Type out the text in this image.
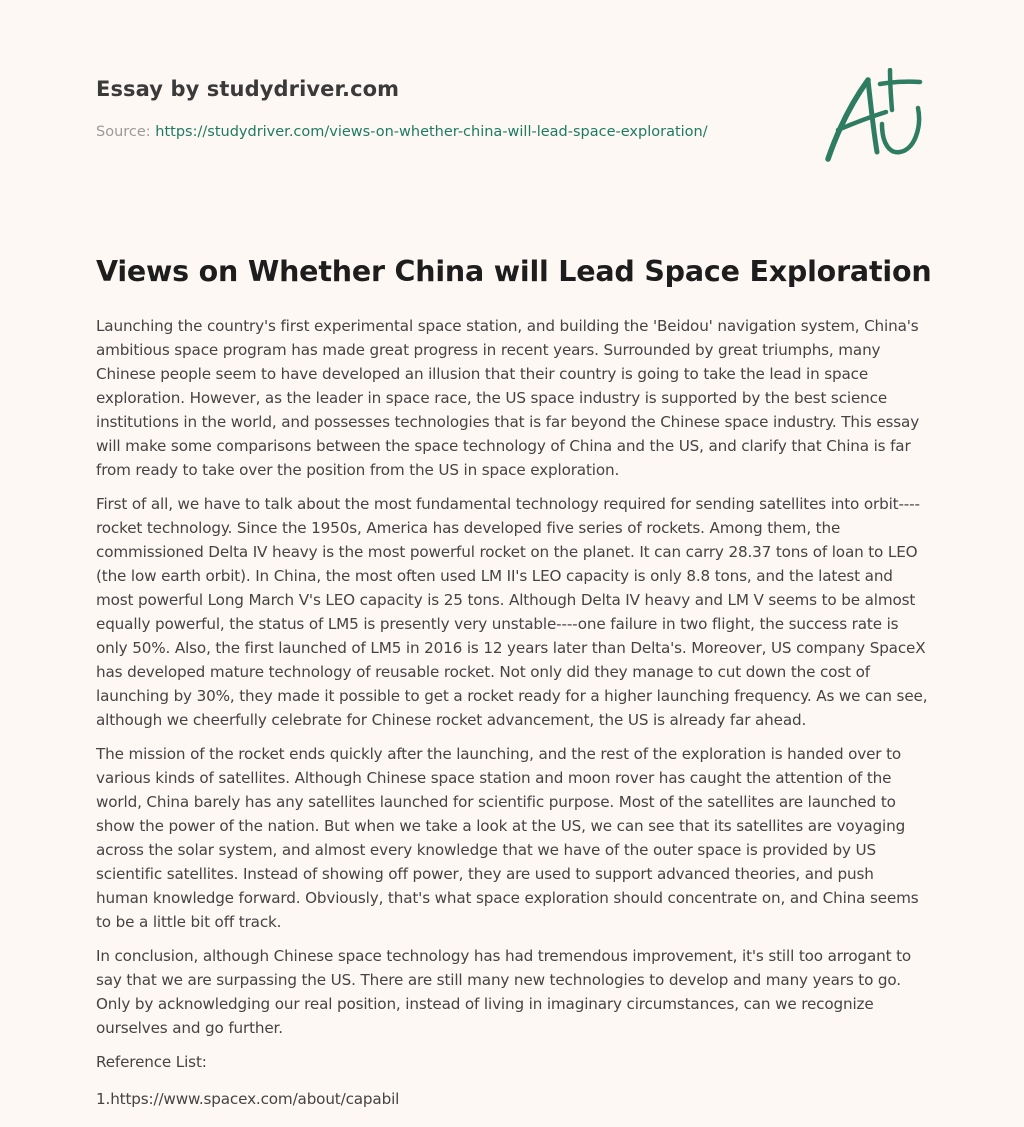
Essay by studydriver.com
Source: https://studydriver.com/views-on-whether-china-will-lead-space-exploration/
Views on Whether China will Lead Space Exploration

Launching the country's first experimental space station, and building the 'Beidou' navigation system, China's ambitious space program has made great progress in recent years. Surrounded by great triumphs, many Chinese people seem to have developed an illusion that their country is going to take the lead in space exploration. However, as the leader in space race, the US space industry is supported by the best science institutions in the world, and possesses technologies that is far beyond the Chinese space industry. This essay will make some comparisons between the space technology of China and the US, and clarify that China is far from ready to take over the position from the US in space exploration.

First of all, we have to talk about the most fundamental technology required for sending satellites into orbit----rocket technology. Since the 1950s, America has developed five series of rockets. Among them, the commissioned Delta IV heavy is the most powerful rocket on the planet. It can carry 28.37 tons of loan to LEO (the low earth orbit). In China, the most often used LM II's LEO capacity is only 8.8 tons, and the latest and most powerful Long March V's LEO capacity is 25 tons. Although Delta IV heavy and LM V seems to be almost equally powerful, the status of LM5 is presently very unstable----one failure in two flight, the success rate is only 50%. Also, the first launched of LM5 in 2016 is 12 years later than Delta's. Moreover, US company SpaceX has developed mature technology of reusable rocket. Not only did they manage to cut down the cost of launching by 30%, they made it possible to get a rocket ready for a higher launching frequency. As we can see, although we cheerfully celebrate for Chinese rocket advancement, the US is already far ahead.

The mission of the rocket ends quickly after the launching, and the rest of the exploration is handed over to various kinds of satellites. Although Chinese space station and moon rover has caught the attention of the world, China barely has any satellites launched for scientific purpose. Most of the satellites are launched to show the power of the nation. But when we take a look at the US, we can see that its satellites are voyaging across the solar system, and almost every knowledge that we have of the outer space is provided by US scientific satellites. Instead of showing off power, they are used to support advanced theories, and push human knowledge forward. Obviously, that's what space exploration should concentrate on, and China seems to be a little bit off track.

In conclusion, although Chinese space technology has had tremendous improvement, it's still too arrogant to say that we are surpassing the US. There are still many new technologies to develop and many years to go. Only by acknowledging our real position, instead of living in imaginary circumstances, can we recognize ourselves and go further.

Reference List:

1.https://www.spacex.com/about/capabil
